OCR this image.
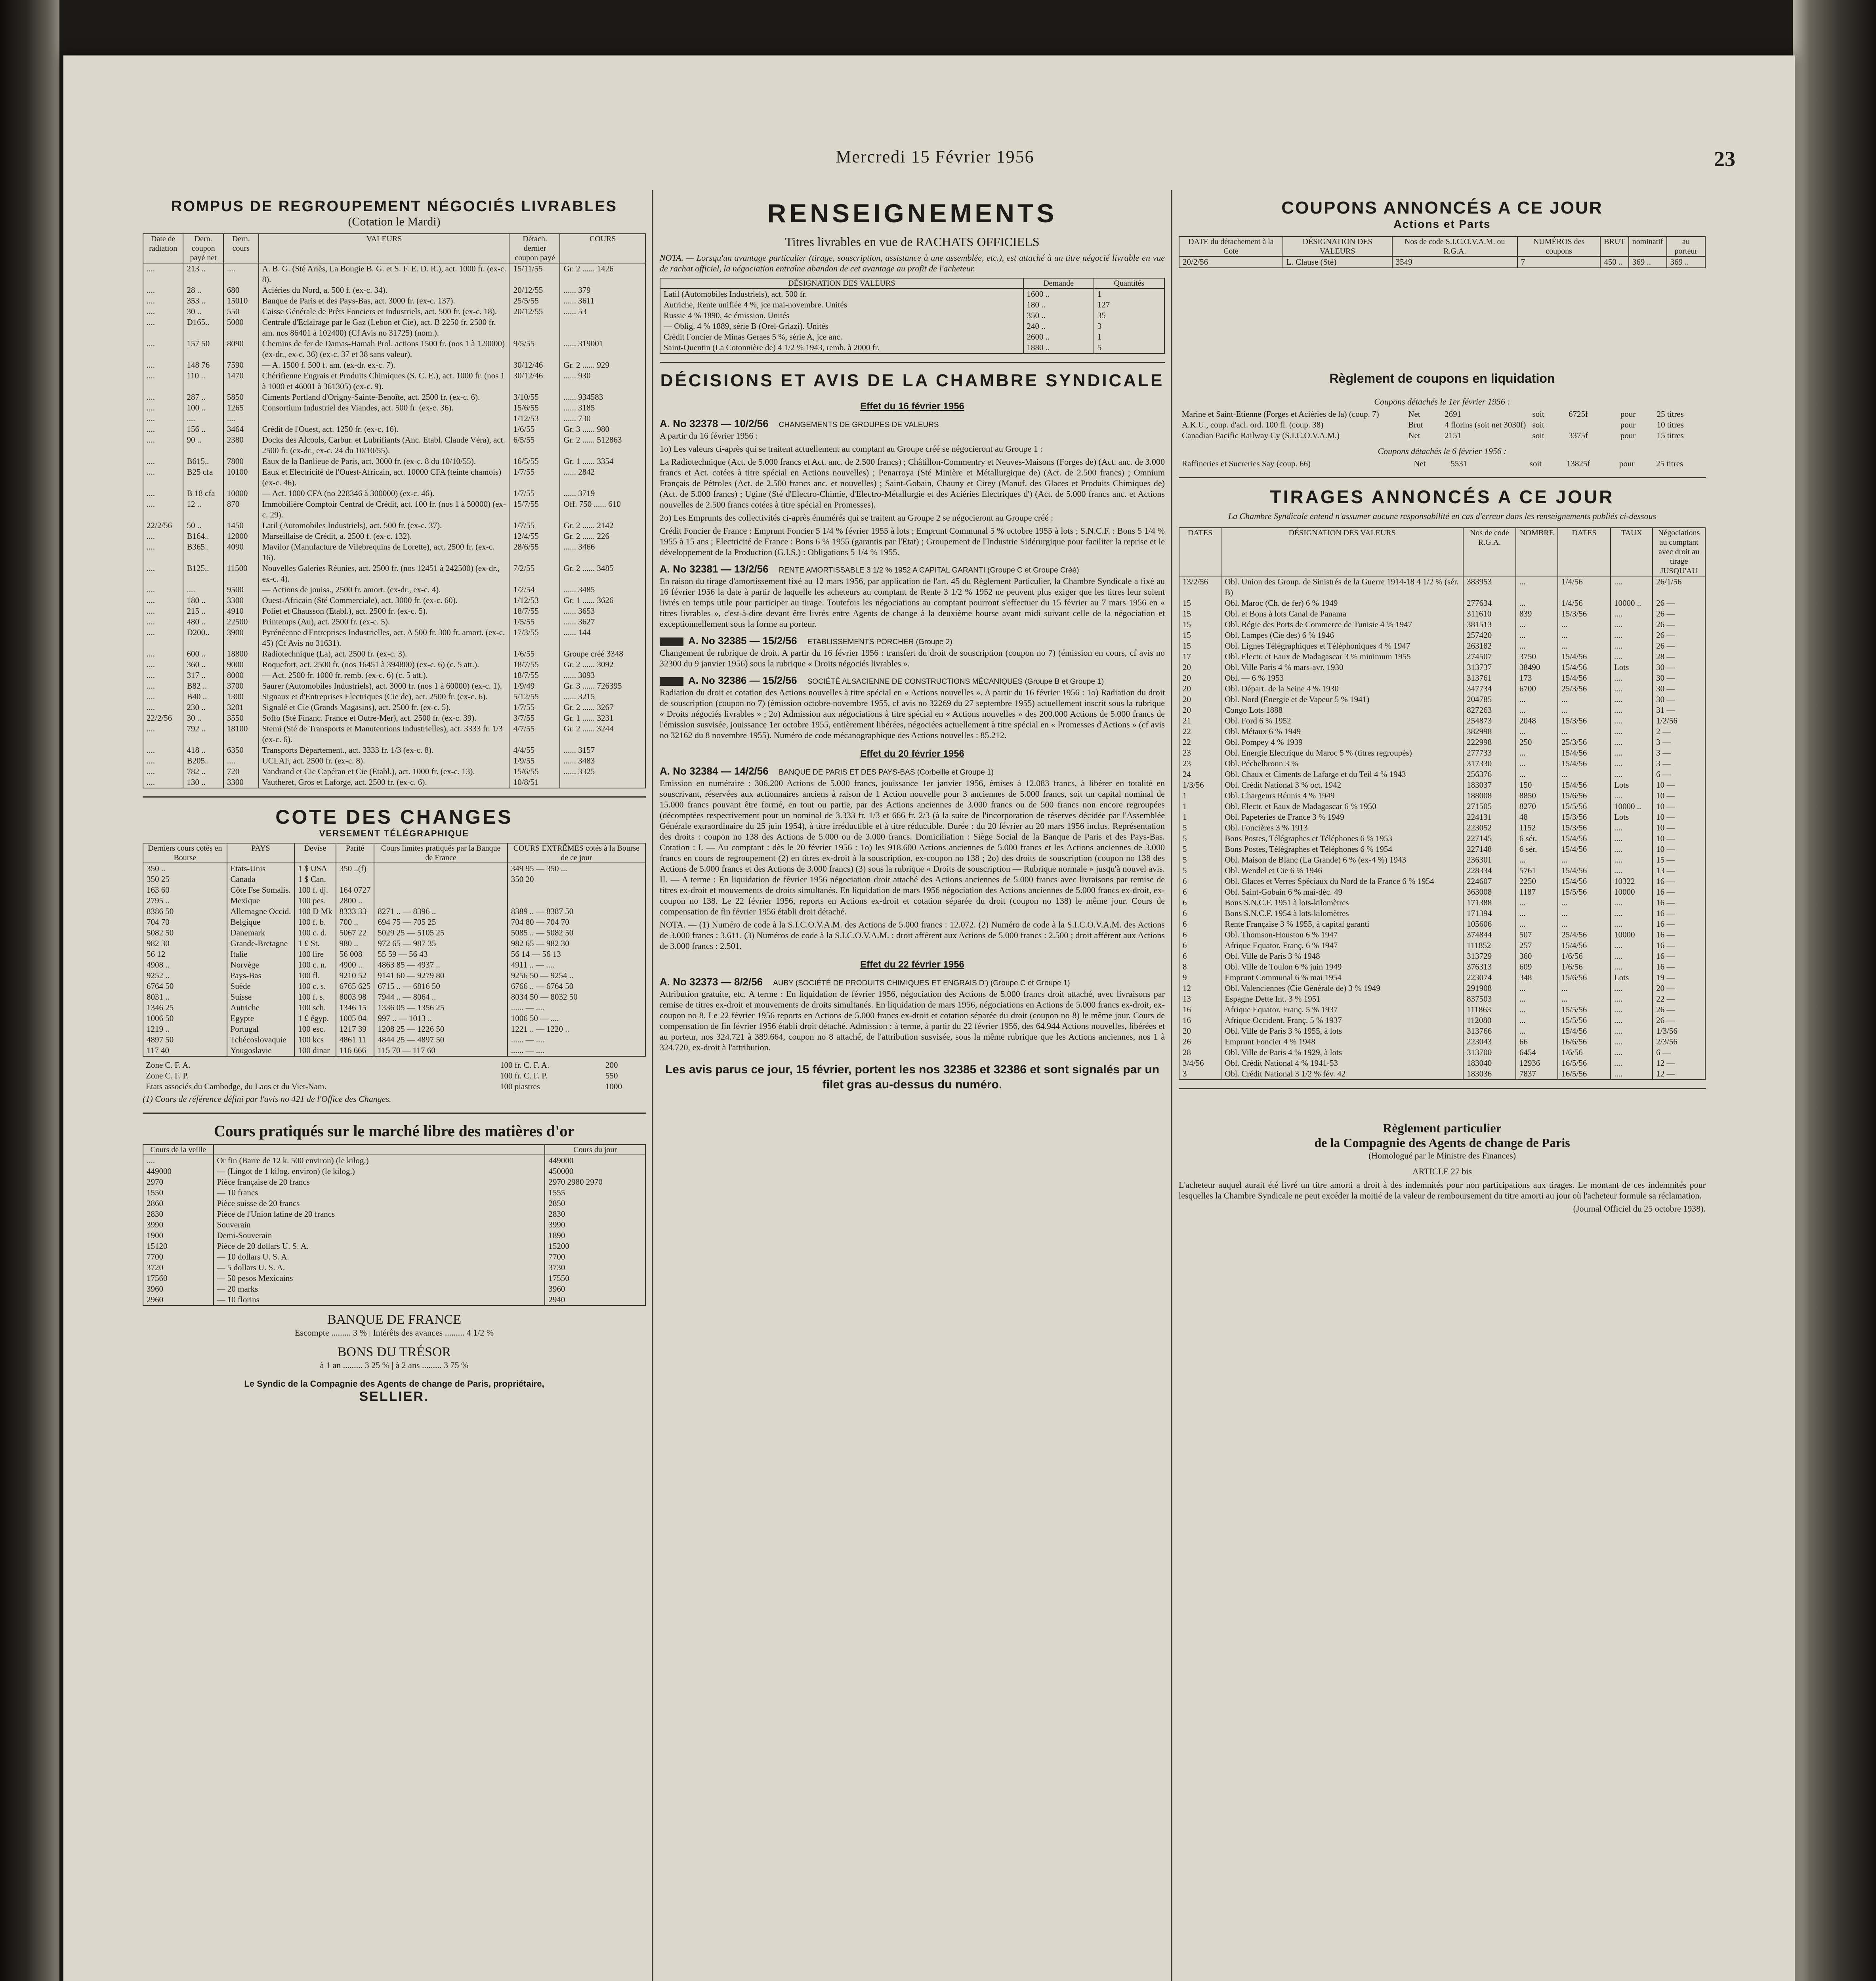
Mercredi 15 Février 1956	23
ROMPUS DE REGROUPEMENT NÉGOCIÉS LIVRABLES
(Cotation le Mardi)
Date de radiation	Dern. coupon payé net	Dern. cours	VALEURS	Détach. dernier coupon payé	COURS
....	213 ..	....	A. B. G. (Sté Ariès, La Bougie B. G. et S. F. E. D. R.), act. 1000 fr. (ex-c. 8).	15/11/55	Gr. 2 ...... 1426
....	28 ..	680	Aciéries du Nord, a. 500 f. (ex-c. 34).	20/12/55	...... 379
....	353 ..	15010	Banque de Paris et des Pays-Bas, act. 3000 fr. (ex-c. 137).	25/5/55	...... 3611
....	30 ..	550	Caisse Générale de Prêts Fonciers et Industriels, act. 500 fr. (ex-c. 18).	20/12/55	...... 53
....	D165..	5000	Centrale d'Eclairage par le Gaz (Lebon et Cie), act. B 2250 fr. 2500 fr. am. nos 86401 à 102400) (Cf Avis no 31725) (nom.).		
....	157 50	8090	Chemins de fer de Damas-Hamah Prol. actions 1500 fr. (nos 1 à 120000) (ex-dr., ex-c. 36) (ex-c. 37 et 38 sans valeur).	9/5/55	...... 319001
....	148 76	7590	— A. 1500 f. 500 f. am. (ex-dr. ex-c. 7).	30/12/46	Gr. 2 ...... 929
....	110 ..	1470	Chérifienne Engrais et Produits Chimiques (S. C. E.), act. 1000 fr. (nos 1 à 1000 et 46001 à 361305) (ex-c. 9).	30/12/46	...... 930
....	287 ..	5850	Ciments Portland d'Origny-Sainte-Benoîte, act. 2500 fr. (ex-c. 6).	3/10/55	...... 934583
....	100 ..	1265	Consortium Industriel des Viandes, act. 500 fr. (ex-c. 36).	15/6/55	...... 3185
....	....	....		1/12/53	...... 730
....	156 ..	3464	Crédit de l'Ouest, act. 1250 fr. (ex-c. 16).	1/6/55	Gr. 3 ...... 980
....	90 ..	2380	Docks des Alcools, Carbur. et Lubrifiants (Anc. Etabl. Claude Véra), act. 2500 fr. (ex-dr., ex-c. 24 du 10/10/55).	6/5/55	Gr. 2 ...... 512863
....	B615..	7800	Eaux de la Banlieue de Paris, act. 3000 fr. (ex-c. 8 du 10/10/55).	16/5/55	Gr. 1 ...... 3354
....	B25 cfa	10100	Eaux et Electricité de l'Ouest-Africain, act. 10000 CFA (teinte chamois) (ex-c. 46).	1/7/55	...... 2842
....	B 18 cfa	10000	— Act. 1000 CFA (no 228346 à 300000) (ex-c. 46).	1/7/55	...... 3719
....	12 ..	870	Immobilière Comptoir Central de Crédit, act. 100 fr. (nos 1 à 50000) (ex-c. 29).	15/7/55	Off. 750 ...... 610
22/2/56	50 ..	1450	Latil (Automobiles Industriels), act. 500 fr. (ex-c. 37).	1/7/55	Gr. 2 ...... 2142
....	B164..	12000	Marseillaise de Crédit, a. 2500 f. (ex-c. 132).	12/4/55	Gr. 2 ...... 226
....	B365..	4090	Mavilor (Manufacture de Vilebrequins de Lorette), act. 2500 fr. (ex-c. 16).	28/6/55	...... 3466
....	B125..	11500	Nouvelles Galeries Réunies, act. 2500 fr. (nos 12451 à 242500) (ex-dr., ex-c. 4).	7/2/55	Gr. 2 ...... 3485
....	....	9500	— Actions de jouiss., 2500 fr. amort. (ex-dr., ex-c. 4).	1/2/54	...... 3485
....	180 ..	3300	Ouest-Africain (Sté Commerciale), act. 3000 fr. (ex-c. 60).	1/12/53	Gr. 1 ...... 3626
....	215 ..	4910	Poliet et Chausson (Etabl.), act. 2500 fr. (ex-c. 5).	18/7/55	...... 3653
....	480 ..	22500	Printemps (Au), act. 2500 fr. (ex-c. 5).	1/5/55	...... 3627
....	D200..	3900	Pyrénéenne d'Entreprises Industrielles, act. A 500 fr. 300 fr. amort. (ex-c. 45) (Cf Avis no 31631).	17/3/55	...... 144
....	600 ..	18800	Radiotechnique (La), act. 2500 fr. (ex-c. 3).	1/6/55	Groupe créé 3348
....	360 ..	9000	Roquefort, act. 2500 fr. (nos 16451 à 394800) (ex-c. 6) (c. 5 att.).	18/7/55	Gr. 2 ...... 3092
....	317 ..	8000	— Act. 2500 fr. 1000 fr. remb. (ex-c. 6) (c. 5 att.).	18/7/55	...... 3093
....	B82 ..	3700	Saurer (Automobiles Industriels), act. 3000 fr. (nos 1 à 60000) (ex-c. 1).	1/9/49	Gr. 3 ...... 726395
....	B40 ..	1300	Signaux et d'Entreprises Electriques (Cie de), act. 2500 fr. (ex-c. 6).	5/12/55	...... 3215
....	230 ..	3201	Signalé et Cie (Grands Magasins), act. 2500 fr. (ex-c. 5).	1/7/55	Gr. 2 ...... 3267
22/2/56	30 ..	3550	Soffo (Sté Financ. France et Outre-Mer), act. 2500 fr. (ex-c. 39).	3/7/55	Gr. 1 ...... 3231
....	792 ..	18100	Stemi (Sté de Transports et Manutentions Industrielles), act. 3333 fr. 1/3 (ex-c. 6).	4/7/55	Gr. 2 ...... 3244
....	418 ..	6350	Transports Département., act. 3333 fr. 1/3 (ex-c. 8).	4/4/55	...... 3157
....	B205..	....	UCLAF, act. 2500 fr. (ex-c. 8).	1/9/55	...... 3483
....	782 ..	720	Vandrand et Cie Capéran et Cie (Etabl.), act. 1000 fr. (ex-c. 13).	15/6/55	...... 3325
....	130 ..	3300	Vautheret, Gros et Laforge, act. 2500 fr. (ex-c. 6).	10/8/51	
COTE DES CHANGES
VERSEMENT TÉLÉGRAPHIQUE
Derniers cours cotés en Bourse	PAYS	Devise	Parité	Cours limites pratiqués par la Banque de France	COURS EXTRÊMES cotés à la Bourse de ce jour
350 ..	Etats-Unis	1 $ USA	350 ..(f)		349 95 — 350 ...
350 25	Canada	1 $ Can.			350 20
163 60	Côte Fse Somalis.	100 f. dj.	164 0727		
2795 ..	Mexique	100 pes.	2800 ..		
8386 50	Allemagne Occid.	100 D Mk	8333 33	8271 .. — 8396 ..	8389 .. — 8387 50
704 70	Belgique	100 f. b.	700 ..	694 75 — 705 25	704 80 — 704 70
5082 50	Danemark	100 c. d.	5067 22	5029 25 — 5105 25	5085 .. — 5082 50
982 30	Grande-Bretagne	1 £ St.	980 ..	972 65 — 987 35	982 65 — 982 30
56 12	Italie	100 lire	56 008	55 59 — 56 43	56 14 — 56 13
4908 ..	Norvège	100 c. n.	4900 ..	4863 85 — 4937 ..	4911 .. — ....
9252 ..	Pays-Bas	100 fl.	9210 52	9141 60 — 9279 80	9256 50 — 9254 ..
6764 50	Suède	100 c. s.	6765 625	6715 .. — 6816 50	6766 .. — 6764 50
8031 ..	Suisse	100 f. s.	8003 98	7944 .. — 8064 ..	8034 50 — 8032 50
1346 25	Autriche	100 sch.	1346 15	1336 05 — 1356 25	...... — ....
1006 50	Egypte	1 £ égyp.	1005 04	997 .. — 1013 ..	1006 50 — ....
1219 ..	Portugal	100 esc.	1217 39	1208 25 — 1226 50	1221 .. — 1220 ..
4897 50	Tchécoslovaquie	100 kcs	4861 11	4844 25 — 4897 50	...... — ....
117 40	Yougoslavie	100 dinar	116 666	115 70 — 117 60	...... — ....
Zone C. F. A.	100 fr. C. F. A.	200
Zone C. F. P.	100 fr. C. F. P.	550
Etats associés du Cambodge, du Laos et du Viet-Nam.	100 piastres	1000
(1) Cours de référence défini par l'avis no 421 de l'Office des Changes.
Cours pratiqués sur le marché libre des matières d'or
Cours de la veille		Cours du jour
....	Or fin (Barre de 12 k. 500 environ) (le kilog.)	449000
449000	— (Lingot de 1 kilog. environ) (le kilog.)	450000
2970	Pièce française de 20 francs	2970 2980 2970
1550	— 10 francs	1555
2860	Pièce suisse de 20 francs	2850
2830	Pièce de l'Union latine de 20 francs	2830
3990	Souverain	3990
1900	Demi-Souverain	1890
15120	Pièce de 20 dollars U. S. A.	15200
7700	— 10 dollars U. S. A.	7700
3720	— 5 dollars U. S. A.	3730
17560	— 50 pesos Mexicains	17550
3960	— 20 marks	3960
2960	— 10 florins	2940
BANQUE DE FRANCE
Escompte ......... 3 % | Intérêts des avances ......... 4 1/2 %
BONS DU TRÉSOR
à 1 an ......... 3 25 % | à 2 ans ......... 3 75 %
Le Syndic de la Compagnie des Agents de change de Paris, propriétaire,
SELLIER.
RENSEIGNEMENTS
Titres livrables en vue de RACHATS OFFICIELS
NOTA. — Lorsqu'un avantage particulier (tirage, souscription, assistance à une assemblée, etc.), est attaché à un titre négocié livrable en vue de rachat officiel, la négociation entraîne abandon de cet avantage au profit de l'acheteur.
DÉSIGNATION DES VALEURS	Demande	Quantités
Latil (Automobiles Industriels), act. 500 fr.	1600 ..	1
Autriche, Rente unifiée 4 %, jce mai-novembre. Unités	180 ..	127
Russie 4 % 1890, 4e émission. Unités	350 ..	35
— Oblig. 4 % 1889, série B (Orel-Griazi). Unités	240 ..	3
Crédit Foncier de Minas Geraes 5 %, série A, jce anc.	2600 ..	1
Saint-Quentin (La Cotonnière de) 4 1/2 % 1943, remb. à 2000 fr.	1880 ..	5
DÉCISIONS ET AVIS DE LA CHAMBRE SYNDICALE
Effet du 16 février 1956
A. No 32378 — 10/2/56 CHANGEMENTS DE GROUPES DE VALEURS
A partir du 16 février 1956 :
1o) Les valeurs ci-après qui se traitent actuellement au comptant au Groupe créé se négocieront au Groupe 1 :
La Radiotechnique (Act. de 5.000 francs et Act. anc. de 2.500 francs) ; Châtillon-Commentry et Neuves-Maisons (Forges de) (Act. anc. de 3.000 francs et Act. cotées à titre spécial en Actions nouvelles) ; Penarroya (Sté Minière et Métallurgique de) (Act. de 2.500 francs) ; Omnium Français de Pétroles (Act. de 2.500 francs anc. et nouvelles) ; Saint-Gobain, Chauny et Cirey (Manuf. des Glaces et Produits Chimiques de) (Act. de 5.000 francs) ; Ugine (Sté d'Electro-Chimie, d'Electro-Métallurgie et des Aciéries Electriques d') (Act. de 5.000 francs anc. et Actions nouvelles de 2.500 francs cotées à titre spécial en Promesses).
2o) Les Emprunts des collectivités ci-après énumérés qui se traitent au Groupe 2 se négocieront au Groupe créé :
Crédit Foncier de France : Emprunt Foncier 5 1/4 % février 1955 à lots ; Emprunt Communal 5 % octobre 1955 à lots ; S.N.C.F. : Bons 5 1/4 % 1955 à 15 ans ; Electricité de France : Bons 6 % 1955 (garantis par l'Etat) ; Groupement de l'Industrie Sidérurgique pour faciliter la reprise et le développement de la Production (G.I.S.) : Obligations 5 1/4 % 1955.
A. No 32381 — 13/2/56 RENTE AMORTISSABLE 3 1/2 % 1952 A CAPITAL GARANTI (Groupe C et Groupe Créé)
En raison du tirage d'amortissement fixé au 12 mars 1956, par application de l'art. 45 du Règlement Particulier, la Chambre Syndicale a fixé au 16 février 1956 la date à partir de laquelle les acheteurs au comptant de Rente 3 1/2 % 1952 ne peuvent plus exiger que les titres leur soient livrés en temps utile pour participer au tirage. Toutefois les négociations au comptant pourront s'effectuer du 15 février au 7 mars 1956 en « titres livrables », c'est-à-dire devant être livrés entre Agents de change à la deuxième bourse avant midi suivant celle de la négociation et exceptionnellement sous la forme au porteur.
A. No 32385 — 15/2/56 ETABLISSEMENTS PORCHER (Groupe 2)
Changement de rubrique de droit. A partir du 16 février 1956 : transfert du droit de souscription (coupon no 7) (émission en cours, cf avis no 32300 du 9 janvier 1956) sous la rubrique « Droits négociés livrables ».
A. No 32386 — 15/2/56 SOCIÉTÉ ALSACIENNE DE CONSTRUCTIONS MÉCANIQUES (Groupe B et Groupe 1)
Radiation du droit et cotation des Actions nouvelles à titre spécial en « Actions nouvelles ». A partir du 16 février 1956 : 1o) Radiation du droit de souscription (coupon no 7) (émission octobre-novembre 1955, cf avis no 32269 du 27 septembre 1955) actuellement inscrit sous la rubrique « Droits négociés livrables » ; 2o) Admission aux négociations à titre spécial en « Actions nouvelles » des 200.000 Actions de 5.000 francs de l'émission susvisée, jouissance 1er octobre 1955, entièrement libérées, négociées actuellement à titre spécial en « Promesses d'Actions » (cf avis no 32162 du 8 novembre 1955). Numéro de code mécanographique des Actions nouvelles : 85.212.
Effet du 20 février 1956
A. No 32384 — 14/2/56 BANQUE DE PARIS ET DES PAYS-BAS (Corbeille et Groupe 1)
Emission en numéraire : 306.200 Actions de 5.000 francs, jouissance 1er janvier 1956, émises à 12.083 francs, à libérer en totalité en souscrivant, réservées aux actionnaires anciens à raison de 1 Action nouvelle pour 3 anciennes de 5.000 francs, soit un capital nominal de 15.000 francs pouvant être formé, en tout ou partie, par des Actions anciennes de 3.000 francs ou de 500 francs non encore regroupées (décomptées respectivement pour un nominal de 3.333 fr. 1/3 et 666 fr. 2/3 (à la suite de l'incorporation de réserves décidée par l'Assemblée Générale extraordinaire du 25 juin 1954), à titre irréductible et à titre réductible. Durée : du 20 février au 20 mars 1956 inclus. Représentation des droits : coupon no 138 des Actions de 5.000 ou de 3.000 francs. Domiciliation : Siège Social de la Banque de Paris et des Pays-Bas. Cotation : I. — Au comptant : dès le 20 février 1956 : 1o) les 918.600 Actions anciennes de 5.000 francs et les Actions anciennes de 3.000 francs en cours de regroupement (2) en titres ex-droit à la souscription, ex-coupon no 138 ; 2o) des droits de souscription (coupon no 138 des Actions de 5.000 francs et des Actions de 3.000 francs) (3) sous la rubrique « Droits de souscription — Rubrique normale » jusqu'à nouvel avis. II. — A terme : En liquidation de février 1956 négociation droit attaché des Actions anciennes de 5.000 francs avec livraisons par remise de titres ex-droit et mouvements de droits simultanés. En liquidation de mars 1956 négociation des Actions anciennes de 5.000 francs ex-droit, ex-coupon no 138. Le 22 février 1956, reports en Actions ex-droit et cotation séparée du droit (coupon no 138) le même jour. Cours de compensation de fin février 1956 établi droit détaché.
NOTA. — (1) Numéro de code à la S.I.C.O.V.A.M. des Actions de 5.000 francs : 12.072. (2) Numéro de code à la S.I.C.O.V.A.M. des Actions de 3.000 francs : 3.611. (3) Numéros de code à la S.I.C.O.V.A.M. : droit afférent aux Actions de 5.000 francs : 2.500 ; droit afférent aux Actions de 3.000 francs : 2.501.
Effet du 22 février 1956
A. No 32373 — 8/2/56 AUBY (SOCIÉTÉ DE PRODUITS CHIMIQUES ET ENGRAIS D') (Groupe C et Groupe 1)
Attribution gratuite, etc. A terme : En liquidation de février 1956, négociation des Actions de 5.000 francs droit attaché, avec livraisons par remise de titres ex-droit et mouvements de droits simultanés. En liquidation de mars 1956, négociations en Actions de 5.000 francs ex-droit, ex-coupon no 8. Le 22 février 1956 reports en Actions de 5.000 francs ex-droit et cotation séparée du droit (coupon no 8) le même jour. Cours de compensation de fin février 1956 établi droit détaché. Admission : à terme, à partir du 22 février 1956, des 64.944 Actions nouvelles, libérées et au porteur, nos 324.721 à 389.664, coupon no 8 attaché, de l'attribution susvisée, sous la même rubrique que les Actions anciennes, nos 1 à 324.720, ex-droit à l'attribution.
Les avis parus ce jour, 15 février, portent les nos 32385 et 32386 et sont signalés par un filet gras au-dessus du numéro.
COUPONS ANNONCÉS A CE JOUR
Actions et Parts
DATE du détachement à la Cote	DÉSIGNATION DES VALEURS	Nos de code S.I.C.O.V.A.M. ou R.G.A.	NUMÉROS des coupons	BRUT	nominatif	au porteur
20/2/56	L. Clause (Sté)	3549	7	450 ..	369 ..	369 ..
Règlement de coupons en liquidation
Coupons détachés le 1er février 1956 :
Marine et Saint-Etienne (Forges et Aciéries de la) (coup. 7)	Net	2691	soit	6725f	pour	25 titres
A.K.U., coup. d'acl. ord. 100 fl. (coup. 38)	Brut	4 florins (soit net 3030f)	soit		pour	10 titres
Canadian Pacific Railway Cy (S.I.C.O.V.A.M.)	Net	2151	soit	3375f	pour	15 titres
Coupons détachés le 6 février 1956 :
Raffineries et Sucreries Say (coup. 66)	Net	5531	soit	13825f	pour	25 titres
TIRAGES ANNONCÉS A CE JOUR
La Chambre Syndicale entend n'assumer aucune responsabilité en cas d'erreur dans les renseignements publiés ci-dessous
DATES	DÉSIGNATION DES VALEURS	Nos de code R.G.A.	NOMBRE	DATES	TAUX	Négociations au comptant avec droit au tirage JUSQU'AU
13/2/56	Obl. Union des Group. de Sinistrés de la Guerre 1914-18 4 1/2 % (sér. B)	383953	...	1/4/56	....	26/1/56
15	Obl. Maroc (Ch. de fer) 6 % 1949	277634	...	1/4/56	10000 ..	26 —
15	Obl. et Bons à lots Canal de Panama	311610	839	15/3/56	....	26 —
15	Obl. Régie des Ports de Commerce de Tunisie 4 % 1947	381513	...	...	....	26 —
15	Obl. Lampes (Cie des) 6 % 1946	257420	...	...	....	26 —
15	Obl. Lignes Télégraphiques et Téléphoniques 4 % 1947	263182	...	...	....	26 —
17	Obl. Electr. et Eaux de Madagascar 3 % minimum 1955	274507	3750	15/4/56	....	28 —
20	Obl. Ville Paris 4 % mars-avr. 1930	313737	38490	15/4/56	Lots	30 —
20	Obl. — 6 % 1953	313761	173	15/4/56	....	30 —
20	Obl. Départ. de la Seine 4 % 1930	347734	6700	25/3/56	....	30 —
20	Obl. Nord (Energie et de Vapeur 5 % 1941)	204785	...	...	....	30 —
20	Congo Lots 1888	827263	...	...	....	31 —
21	Obl. Ford 6 % 1952	254873	2048	15/3/56	....	1/2/56
22	Obl. Métaux 6 % 1949	382998	...	...	....	2 —
22	Obl. Pompey 4 % 1939	222998	250	25/3/56	....	3 —
23	Obl. Energie Electrique du Maroc 5 % (titres regroupés)	277733	...	15/4/56	....	3 —
23	Obl. Péchelbronn 3 %	317330	...	15/4/56	....	3 —
24	Obl. Chaux et Ciments de Lafarge et du Teil 4 % 1943	256376	...	...	....	6 —
1/3/56	Obl. Crédit National 3 % oct. 1942	183037	150	15/4/56	Lots	10 —
1	Obl. Chargeurs Réunis 4 % 1949	188008	8850	15/6/56	....	10 —
1	Obl. Electr. et Eaux de Madagascar 6 % 1950	271505	8270	15/5/56	10000 ..	10 —
1	Obl. Papeteries de France 3 % 1949	224131	48	15/3/56	Lots	10 —
5	Obl. Foncières 3 % 1913	223052	1152	15/3/56	....	10 —
5	Bons Postes, Télégraphes et Téléphones 6 % 1953	227145	6 sér.	15/4/56	....	10 —
5	Bons Postes, Télégraphes et Téléphones 6 % 1954	227148	6 sér.	15/4/56	....	10 —
5	Obl. Maison de Blanc (La Grande) 6 % (ex-4 %) 1943	236301	...	...	....	15 —
5	Obl. Wendel et Cie 6 % 1946	228334	5761	15/4/56	....	13 —
6	Obl. Glaces et Verres Spéciaux du Nord de la France 6 % 1954	224607	2250	15/4/56	10322	16 —
6	Obl. Saint-Gobain 6 % mai-déc. 49	363008	1187	15/5/56	10000	16 —
6	Bons S.N.C.F. 1951 à lots-kilomètres	171388	...	...	....	16 —
6	Bons S.N.C.F. 1954 à lots-kilomètres	171394	...	...	....	16 —
6	Rente Française 3 % 1955, à capital garanti	105606	...	...	....	16 —
6	Obl. Thomson-Houston 6 % 1947	374844	507	25/4/56	10000	16 —
6	Afrique Equator. Franç. 6 % 1947	111852	257	15/4/56	....	16 —
6	Obl. Ville de Paris 3 % 1948	313729	360	1/6/56	....	16 —
8	Obl. Ville de Toulon 6 % juin 1949	376313	609	1/6/56	....	16 —
9	Emprunt Communal 6 % mai 1954	223074	348	15/6/56	Lots	19 —
12	Obl. Valenciennes (Cie Générale de) 3 % 1949	291908	...	...	....	20 —
13	Espagne Dette Int. 3 % 1951	837503	...	...	....	22 —
16	Afrique Equator. Franç. 5 % 1937	111863	...	15/5/56	....	26 —
16	Afrique Occident. Franç. 5 % 1937	112080	...	15/5/56	....	26 —
20	Obl. Ville de Paris 3 % 1955, à lots	313766	...	15/4/56	....	1/3/56
26	Emprunt Foncier 4 % 1948	223043	66	16/6/56	....	2/3/56
28	Obl. Ville de Paris 4 % 1929, à lots	313700	6454	1/6/56	....	6 —
3/4/56	Obl. Crédit National 4 % 1941-53	183040	12936	16/5/56	....	12 —
3	Obl. Crédit National 3 1/2 % fév. 42	183036	7837	16/5/56	....	12 —
Règlement particulier
de la Compagnie des Agents de change de Paris
(Homologué par le Ministre des Finances)
ARTICLE 27 bis
L'acheteur auquel aurait été livré un titre amorti a droit à des indemnités pour non participations aux tirages. Le montant de ces indemnités pour lesquelles la Chambre Syndicale ne peut excéder la moitié de la valeur de remboursement du titre amorti au jour où l'acheteur formule sa réclamation.
(Journal Officiel du 25 octobre 1938).
